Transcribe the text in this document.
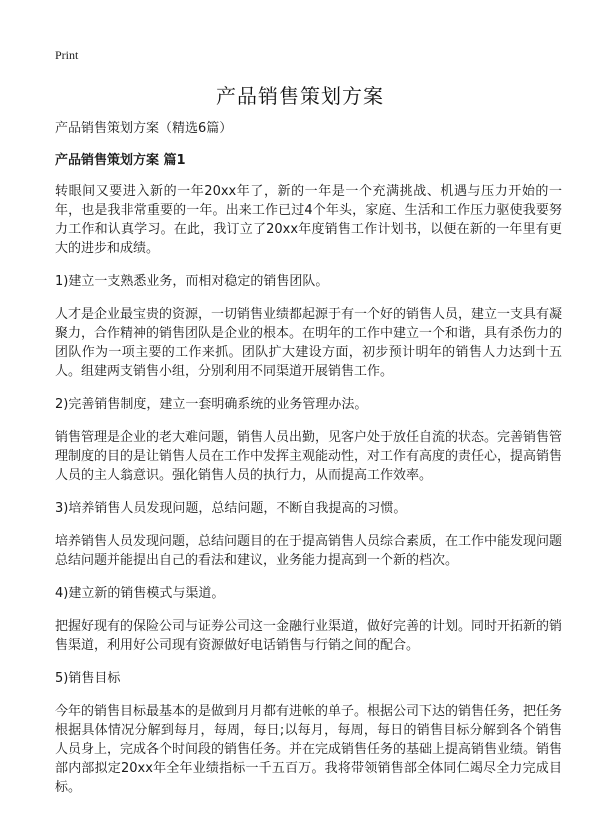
Print
产品销售策划方案

产品销售策划方案（精选6篇）

产品销售策划方案 篇1

转眼间又要进入新的一年20xx年了，新的一年是一个充满挑战、机遇与压力开始的一年，也是我非常重要的一年。出来工作已过4个年头，家庭、生活和工作压力驱使我要努力工作和认真学习。在此，我订立了20xx年度销售工作计划书，以便在新的一年里有更大的进步和成绩。

1)建立一支熟悉业务，而相对稳定的销售团队。

人才是企业最宝贵的资源，一切销售业绩都起源于有一个好的销售人员，建立一支具有凝聚力，合作精神的销售团队是企业的根本。在明年的工作中建立一个和谐，具有杀伤力的团队作为一项主要的工作来抓。团队扩大建设方面，初步预计明年的销售人力达到十五人。组建两支销售小组，分别利用不同渠道开展销售工作。

2)完善销售制度，建立一套明确系统的业务管理办法。

销售管理是企业的老大难问题，销售人员出勤，见客户处于放任自流的状态。完善销售管理制度的目的是让销售人员在工作中发挥主观能动性，对工作有高度的责任心，提高销售人员的主人翁意识。强化销售人员的执行力，从而提高工作效率。

3)培养销售人员发现问题，总结问题，不断自我提高的习惯。

培养销售人员发现问题，总结问题目的在于提高销售人员综合素质，在工作中能发现问题总结问题并能提出自己的看法和建议，业务能力提高到一个新的档次。

4)建立新的销售模式与渠道。

把握好现有的保险公司与证券公司这一金融行业渠道，做好完善的计划。同时开拓新的销售渠道，利用好公司现有资源做好电话销售与行销之间的配合。

5)销售目标

今年的销售目标最基本的是做到月月都有进帐的单子。根据公司下达的销售任务，把任务根据具体情况分解到每月，每周，每日;以每月，每周，每日的销售目标分解到各个销售人员身上，完成各个时间段的销售任务。并在完成销售任务的基础上提高销售业绩。销售部内部拟定20xx年全年业绩指标一千五百万。我将带领销售部全体同仁竭尽全力完成目标。
